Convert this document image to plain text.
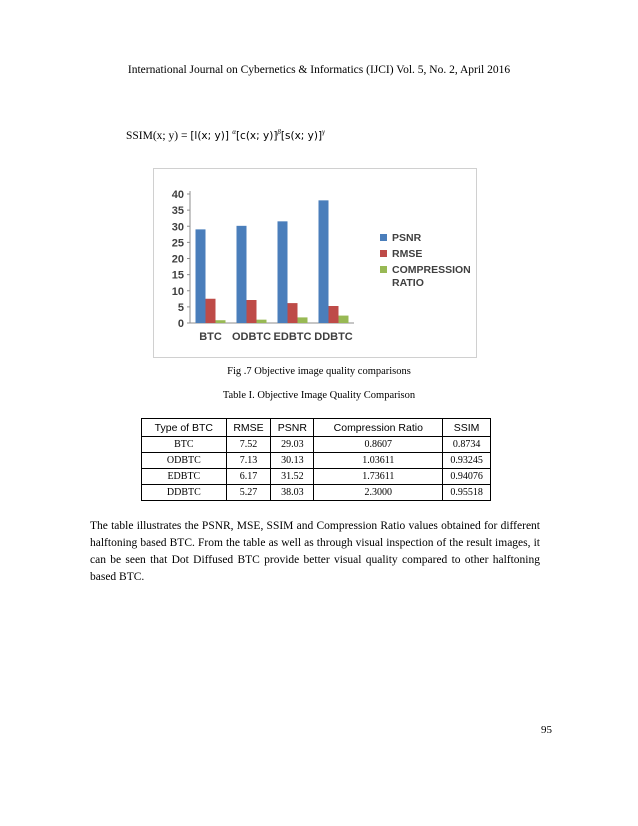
International Journal on Cybernetics & Informatics (IJCI) Vol. 5, No. 2, April 2016
SSIM(x; y) = [l(x; y)] $^\alpha$[c(x; y)]$^\beta$[s(x; y)]$^\gamma$
0
5
10
15
20
25
30
35
40
BTC ODBTC EDBTC DDBTC
PSNR
RMSE
COMPRESSION RATIO
Fig .7 Objective image quality comparisons
Table I. Objective Image Quality Comparison
Type of BTC	RMSE	PSNR	Compression Ratio	SSIM
BTC	7.52	29.03	0.8607	0.8734
ODBTC	7.13	30.13	1.03611	0.93245
EDBTC	6.17	31.52	1.73611	0.94076
DDBTC	5.27	38.03	2.3000	0.95518

The table illustrates the PSNR, MSE, SSIM and Compression Ratio values obtained for different halftoning based BTC. From the table as well as through visual inspection of the result images, it can be seen that Dot Diffused BTC provide better visual quality compared to other halftoning based BTC.

95
